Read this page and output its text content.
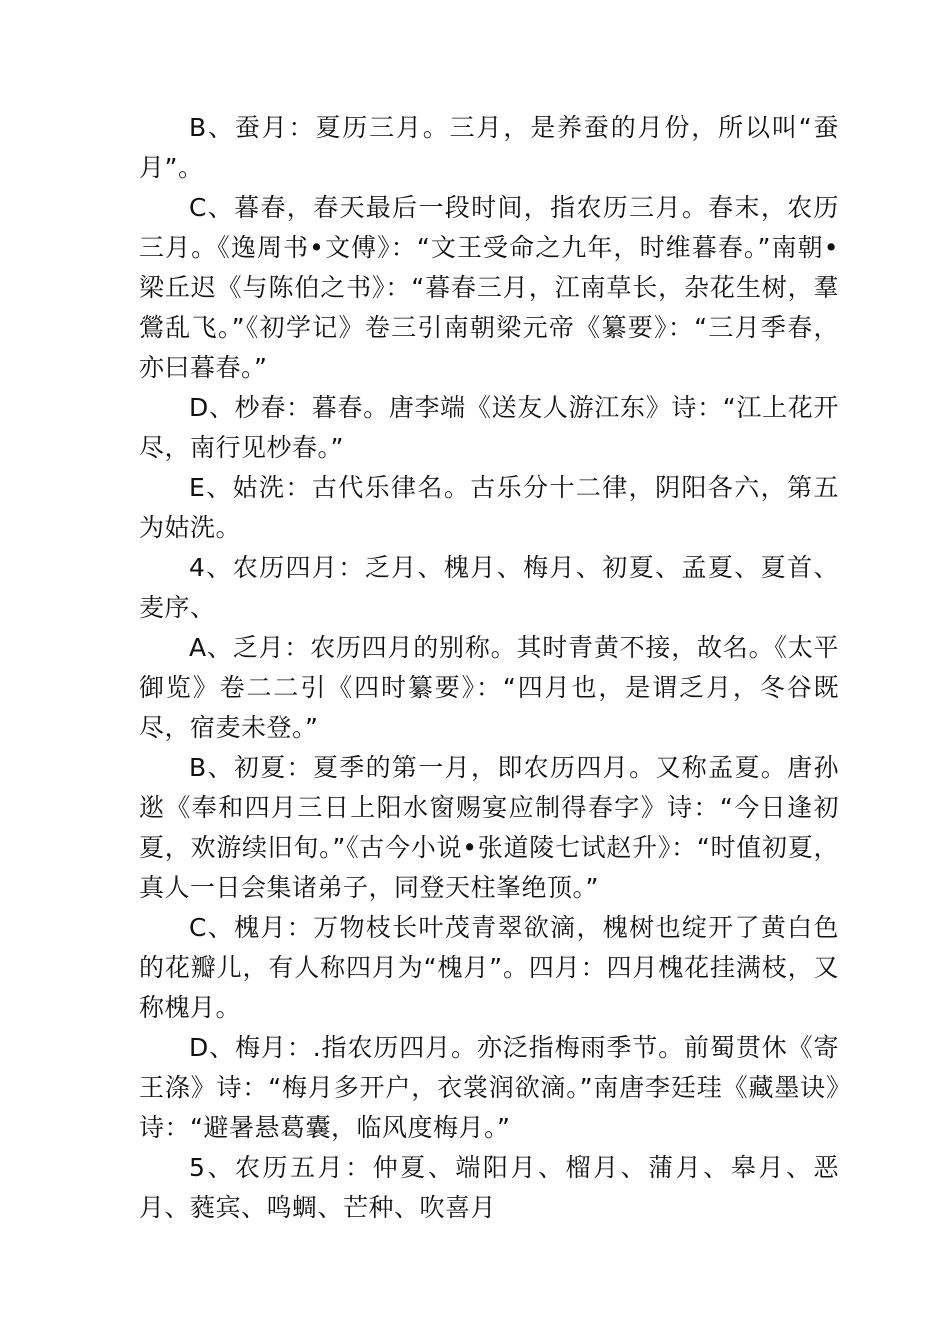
B、蚕月：夏历三月。三月，是养蚕的月份，所以叫“蚕月”。

C、暮春，春天最后一段时间，指农历三月。春末，农历三月。《逸周书•文傅》：“文王受命之九年，时维暮春。”南朝•梁丘迟《与陈伯之书》：“暮春三月，江南草长，杂花生树，羣鶯乱飞。”《初学记》卷三引南朝梁元帝《纂要》：“三月季春，亦曰暮春。”

D、杪春：暮春。唐李端《送友人游江东》诗：“江上花开尽，南行见杪春。”

E、姑洗：古代乐律名。古乐分十二律，阴阳各六，第五为姑洗。

4、农历四月：乏月、槐月、梅月、初夏、孟夏、夏首、麦序、

A、乏月：农历四月的别称。其时青黄不接，故名。《太平御览》卷二二引《四时纂要》：“四月也，是谓乏月，冬谷既尽，宿麦未登。”

B、初夏：夏季的第一月，即农历四月。又称孟夏。唐孙逖《奉和四月三日上阳水窗赐宴应制得春字》诗：“今日逢初夏，欢游续旧旬。”《古今小说•张道陵七试赵升》：“时值初夏，真人一日会集诸弟子，同登天柱峯绝顶。”

C、槐月：万物枝长叶茂青翠欲滴，槐树也绽开了黄白色的花瓣儿，有人称四月为“槐月”。四月：四月槐花挂满枝，又称槐月。

D、梅月：.指农历四月。亦泛指梅雨季节。前蜀贯休《寄王涤》诗：“梅月多开户，衣裳润欲滴。”南唐李廷珪《藏墨诀》诗：“避暑悬葛囊，临风度梅月。”

5、农历五月：仲夏、端阳月、榴月、蒲月、皋月、恶月、蕤宾、鸣蜩、芒种、吹喜月
